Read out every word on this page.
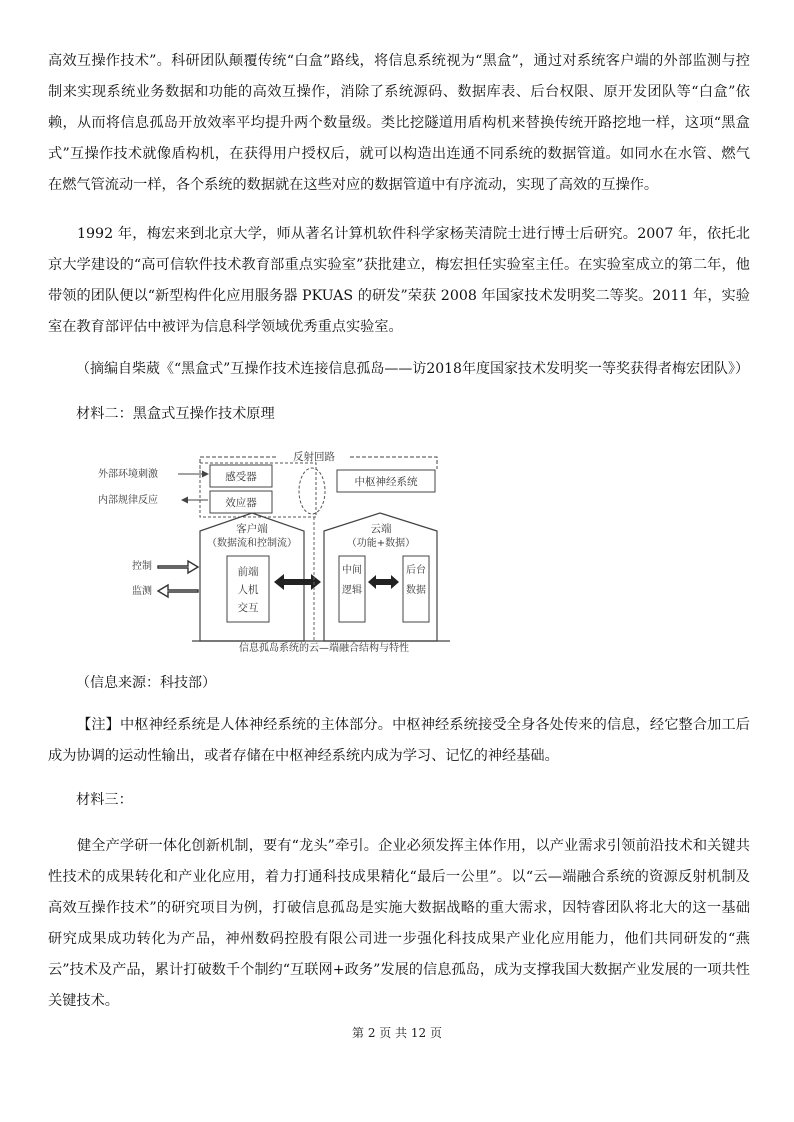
高效互操作技术”。科研团队颠覆传统“白盒”路线，将信息系统视为“黑盒”，通过对系统客户端的外部监测与控制来实现系统业务数据和功能的高效互操作，消除了系统源码、数据库表、后台权限、原开发团队等“白盒”依赖，从而将信息孤岛开放效率平均提升两个数量级。类比挖隧道用盾构机来替换传统开路挖地一样，这项“黑盒式”互操作技术就像盾构机，在获得用户授权后，就可以构造出连通不同系统的数据管道。如同水在水管、燃气在燃气管流动一样，各个系统的数据就在这些对应的数据管道中有序流动，实现了高效的互操作。

1992 年，梅宏来到北京大学，师从著名计算机软件科学家杨芙清院士进行博士后研究。2007 年，依托北京大学建设的“高可信软件技术教育部重点实验室”获批建立，梅宏担任实验室主任。在实验室成立的第二年，他带领的团队便以“新型构件化应用服务器 PKUAS 的研发”荣获 2008 年国家技术发明奖二等奖。2011 年，实验室在教育部评估中被评为信息科学领域优秀重点实验室。

（摘编自柴葳《“黑盒式”互操作技术连接信息孤岛——访2018年度国家技术发明奖一等奖获得者梅宏团队》）
材料二：黑盒式互操作技术原理
反射回路
感受器
效应器
外部环境刺激
内部规律反应
中枢神经系统
客户端
（数据流和控制流）
前端
人机
交互
云端
（功能+数据）
中间
逻辑
后台
数据
控制
监测
信息孤岛系统的云—端融合结构与特性
（信息来源：科技部）

【注】中枢神经系统是人体神经系统的主体部分。中枢神经系统接受全身各处传来的信息，经它整合加工后成为协调的运动性输出，或者存储在中枢神经系统内成为学习、记忆的神经基础。

材料三：

健全产学研一体化创新机制，要有“龙头”牵引。企业必须发挥主体作用，以产业需求引领前沿技术和关键共性技术的成果转化和产业化应用，着力打通科技成果精化“最后一公里”。以“云—端融合系统的资源反射机制及高效互操作技术”的研究项目为例，打破信息孤岛是实施大数据战略的重大需求，因特睿团队将北大的这一基础研究成果成功转化为产品，神州数码控股有限公司进一步强化科技成果产业化应用能力，他们共同研发的“燕云”技术及产品，累计打破数千个制约“互联网+政务”发展的信息孤岛，成为支撑我国大数据产业发展的一项共性关键技术。

第 2 页 共 12 页
